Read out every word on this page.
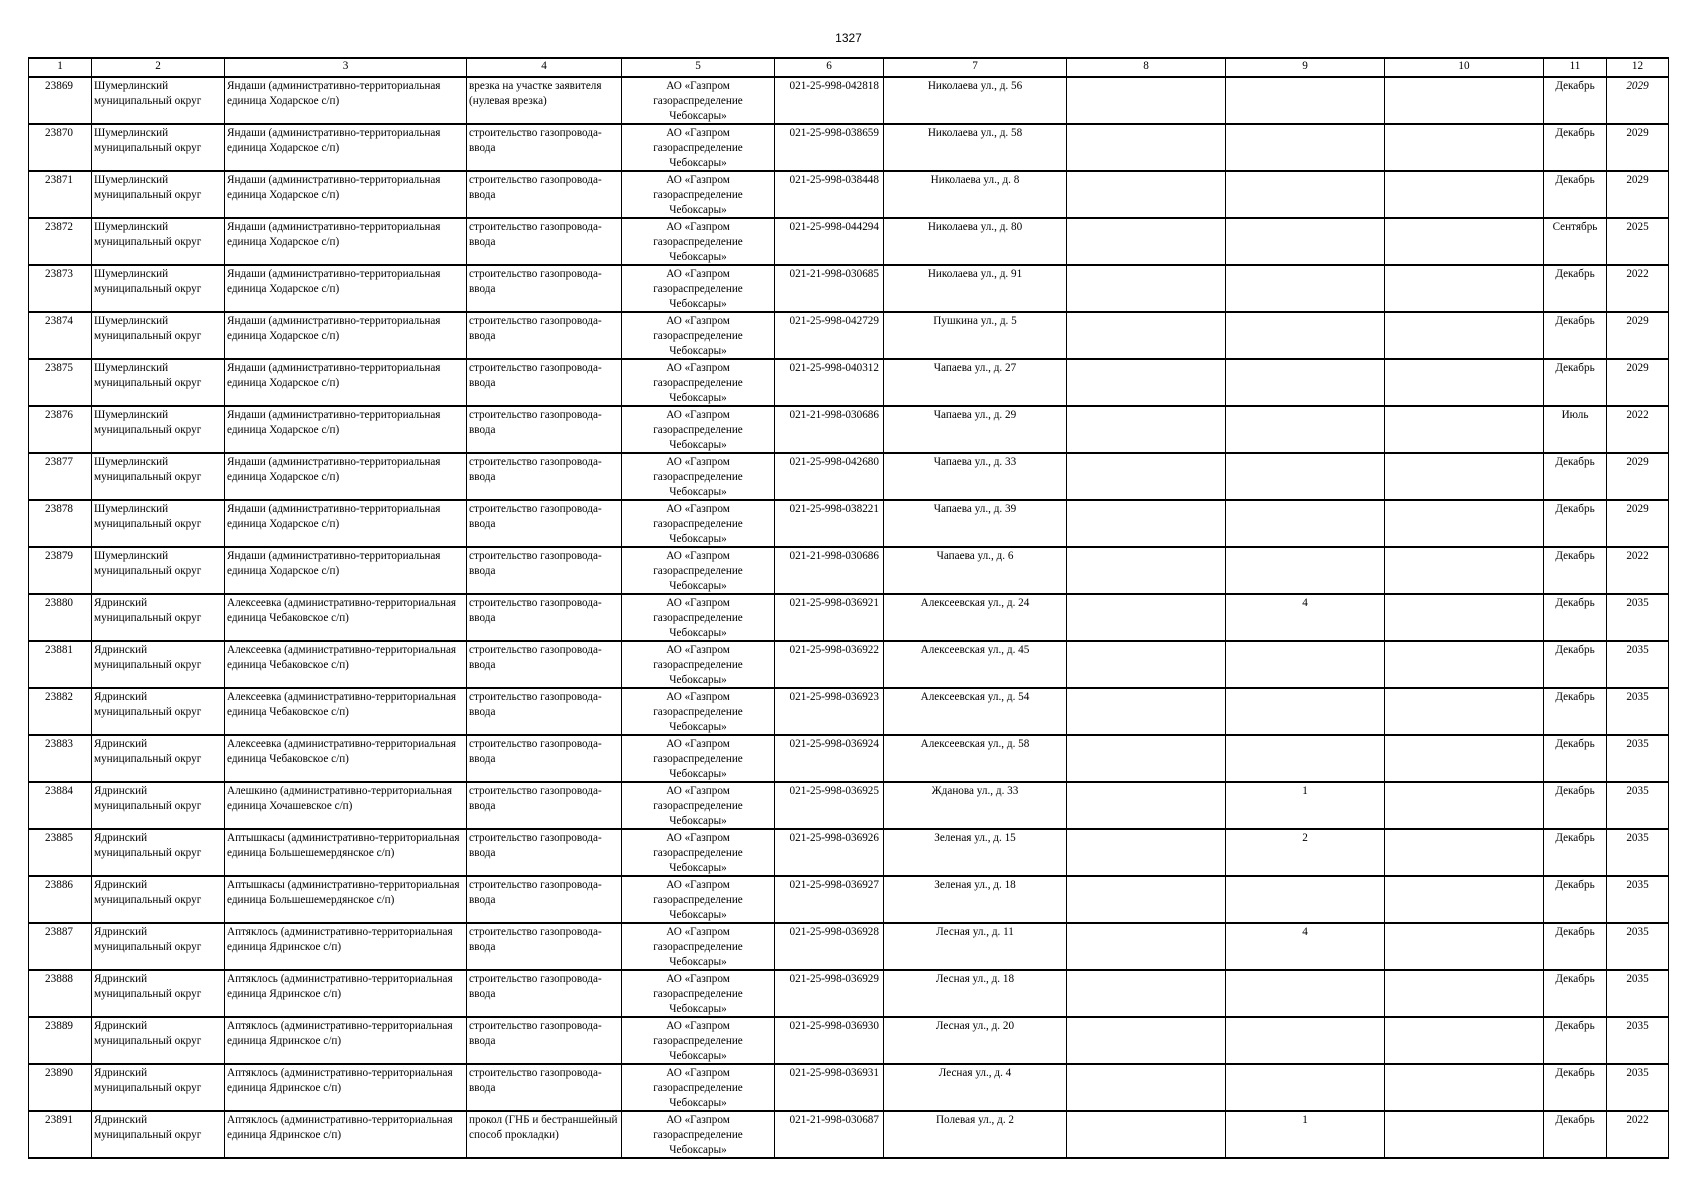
1327
1	2	3	4	5	6	7	8	9	10	11	12

23869	Шумерлинский муниципальный округ	Яндаши (административно-территориальная единица Ходарское с/п)	врезка на участке заявителя (нулевая врезка)	АО «Газпром газораспределение Чебоксары»	021-25-998-042818	Николаева ул., д. 56				Декабрь	2029

23870	Шумерлинский муниципальный округ	Яндаши (административно-территориальная единица Ходарское с/п)	строительство газопровода-ввода	АО «Газпром газораспределение Чебоксары»	021-25-998-038659	Николаева ул., д. 58				Декабрь	2029

23871	Шумерлинский муниципальный округ	Яндаши (административно-территориальная единица Ходарское с/п)	строительство газопровода-ввода	АО «Газпром газораспределение Чебоксары»	021-25-998-038448	Николаева ул., д. 8				Декабрь	2029

23872	Шумерлинский муниципальный округ	Яндаши (административно-территориальная единица Ходарское с/п)	строительство газопровода-ввода	АО «Газпром газораспределение Чебоксары»	021-25-998-044294	Николаева ул., д. 80				Сентябрь	2025

23873	Шумерлинский муниципальный округ	Яндаши (административно-территориальная единица Ходарское с/п)	строительство газопровода-ввода	АО «Газпром газораспределение Чебоксары»	021-21-998-030685	Николаева ул., д. 91				Декабрь	2022

23874	Шумерлинский муниципальный округ	Яндаши (административно-территориальная единица Ходарское с/п)	строительство газопровода-ввода	АО «Газпром газораспределение Чебоксары»	021-25-998-042729	Пушкина ул., д. 5				Декабрь	2029

23875	Шумерлинский муниципальный округ	Яндаши (административно-территориальная единица Ходарское с/п)	строительство газопровода-ввода	АО «Газпром газораспределение Чебоксары»	021-25-998-040312	Чапаева ул., д. 27				Декабрь	2029

23876	Шумерлинский муниципальный округ	Яндаши (административно-территориальная единица Ходарское с/п)	строительство газопровода-ввода	АО «Газпром газораспределение Чебоксары»	021-21-998-030686	Чапаева ул., д. 29				Июль	2022

23877	Шумерлинский муниципальный округ	Яндаши (административно-территориальная единица Ходарское с/п)	строительство газопровода-ввода	АО «Газпром газораспределение Чебоксары»	021-25-998-042680	Чапаева ул., д. 33				Декабрь	2029

23878	Шумерлинский муниципальный округ	Яндаши (административно-территориальная единица Ходарское с/п)	строительство газопровода-ввода	АО «Газпром газораспределение Чебоксары»	021-25-998-038221	Чапаева ул., д. 39				Декабрь	2029

23879	Шумерлинский муниципальный округ	Яндаши (административно-территориальная единица Ходарское с/п)	строительство газопровода-ввода	АО «Газпром газораспределение Чебоксары»	021-21-998-030686	Чапаева ул., д. 6				Декабрь	2022

23880	Ядринский муниципальный округ	Алексеевка (административно-территориальная единица Чебаковское с/п)	строительство газопровода-ввода	АО «Газпром газораспределение Чебоксары»	021-25-998-036921	Алексеевская ул., д. 24		4		Декабрь	2035

23881	Ядринский муниципальный округ	Алексеевка (административно-территориальная единица Чебаковское с/п)	строительство газопровода-ввода	АО «Газпром газораспределение Чебоксары»	021-25-998-036922	Алексеевская ул., д. 45				Декабрь	2035

23882	Ядринский муниципальный округ	Алексеевка (административно-территориальная единица Чебаковское с/п)	строительство газопровода-ввода	АО «Газпром газораспределение Чебоксары»	021-25-998-036923	Алексеевская ул., д. 54				Декабрь	2035

23883	Ядринский муниципальный округ	Алексеевка (административно-территориальная единица Чебаковское с/п)	строительство газопровода-ввода	АО «Газпром газораспределение Чебоксары»	021-25-998-036924	Алексеевская ул., д. 58				Декабрь	2035

23884	Ядринский муниципальный округ	Алешкино (административно-территориальная единица Хочашевское с/п)	строительство газопровода-ввода	АО «Газпром газораспределение Чебоксары»	021-25-998-036925	Жданова ул., д. 33		1		Декабрь	2035

23885	Ядринский муниципальный округ	Аптышкасы (административно-территориальная единица Большешемердянское с/п)	строительство газопровода-ввода	АО «Газпром газораспределение Чебоксары»	021-25-998-036926	Зеленая ул., д. 15		2		Декабрь	2035

23886	Ядринский муниципальный округ	Аптышкасы (административно-территориальная единица Большешемердянское с/п)	строительство газопровода-ввода	АО «Газпром газораспределение Чебоксары»	021-25-998-036927	Зеленая ул., д. 18				Декабрь	2035

23887	Ядринский муниципальный округ	Аптяклось (административно-территориальная единица Ядринское с/п)	строительство газопровода-ввода	АО «Газпром газораспределение Чебоксары»	021-25-998-036928	Лесная ул., д. 11		4		Декабрь	2035

23888	Ядринский муниципальный округ	Аптяклось (административно-территориальная единица Ядринское с/п)	строительство газопровода-ввода	АО «Газпром газораспределение Чебоксары»	021-25-998-036929	Лесная ул., д. 18				Декабрь	2035

23889	Ядринский муниципальный округ	Аптяклось (административно-территориальная единица Ядринское с/п)	строительство газопровода-ввода	АО «Газпром газораспределение Чебоксары»	021-25-998-036930	Лесная ул., д. 20				Декабрь	2035

23890	Ядринский муниципальный округ	Аптяклось (административно-территориальная единица Ядринское с/п)	строительство газопровода-ввода	АО «Газпром газораспределение Чебоксары»	021-25-998-036931	Лесная ул., д. 4				Декабрь	2035

23891	Ядринский муниципальный округ	Аптяклось (административно-территориальная единица Ядринское с/п)	прокол (ГНБ и бестраншейный способ прокладки)	АО «Газпром газораспределение Чебоксары»	021-21-998-030687	Полевая ул., д. 2		1		Декабрь	2022
